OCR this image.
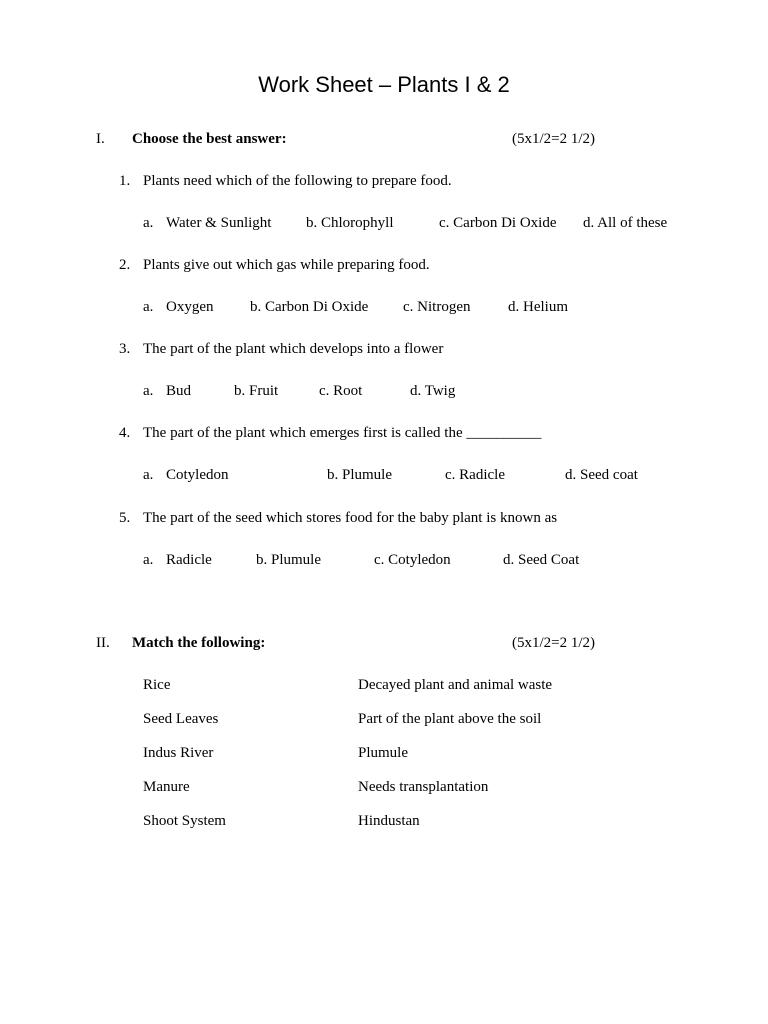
Work Sheet – Plants I & 2
I. Choose the best answer:	(5x1/2=2 1/2)
1. Plants need which of the following to prepare food.
a. Water & Sunlight b. Chlorophyll	c. Carbon Di Oxide d. All of these
2. Plants give out which gas while preparing food.
a. Oxygen b. Carbon Di Oxide c. Nitrogen	d. Helium
3. The part of the plant which develops into a flower
a. Bud	b. Fruit	c. Root	d. Twig
4. The part of the plant which emerges first is called the __________
a. Cotyledon	b. Plumule	c. Radicle	d. Seed coat
5. The part of the seed which stores food for the baby plant is known as
a. Radicle	b. Plumule	c. Cotyledon	d. Seed Coat
II. Match the following:	(5x1/2=2 1/2)
Rice	Decayed plant and animal waste
Seed Leaves	Part of the plant above the soil
Indus River	Plumule
Manure	Needs transplantation
Shoot System	Hindustan
